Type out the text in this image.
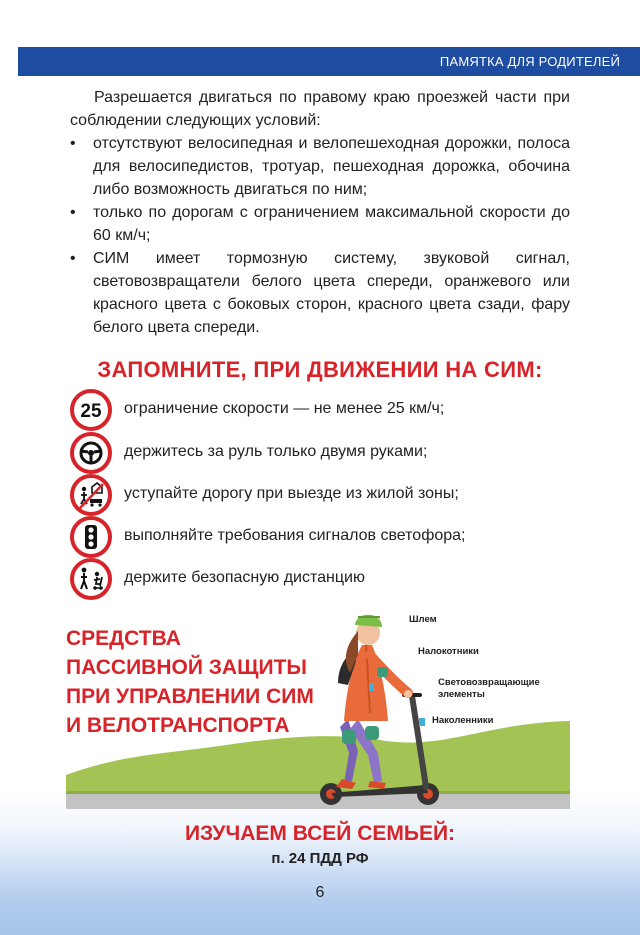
ПАМЯТКА ДЛЯ РОДИТЕЛЕЙ

Разрешается двигаться по правому краю проезжей части при соблюдении следующих условий:

• отсутствуют велосипедная и велопешеходная дорожки, полоса для велосипедистов, тротуар, пешеходная дорожка, обочина либо возможность двигаться по ним;
• только по дорогам с ограничением максимальной скорости до 60 км/ч;
• СИМ имеет тормозную систему, звуковой сигнал, световозвращатели белого цвета спереди, оранжевого или красного цвета с боковых сторон, красного цвета сзади, фару белого цвета спереди.
ЗАПОМНИТЕ, ПРИ ДВИЖЕНИИ НА СИМ:
25 ограничение скорости — не менее 25 км/ч;
держитесь за руль только двумя руками;
уступайте дорогу при выезде из жилой зоны;
выполняйте требования сигналов светофора;
держите безопасную дистанцию
Шлем
Налокотники
Световозвращающие
элементы
Наколенники
СРЕДСТВА
ПАССИВНОЙ ЗАЩИТЫ
ПРИ УПРАВЛЕНИИ СИМ
И ВЕЛОТРАНСПОРТА
ИЗУЧАЕМ ВСЕЙ СЕМЬЕЙ:
п. 24 ПДД РФ
6
